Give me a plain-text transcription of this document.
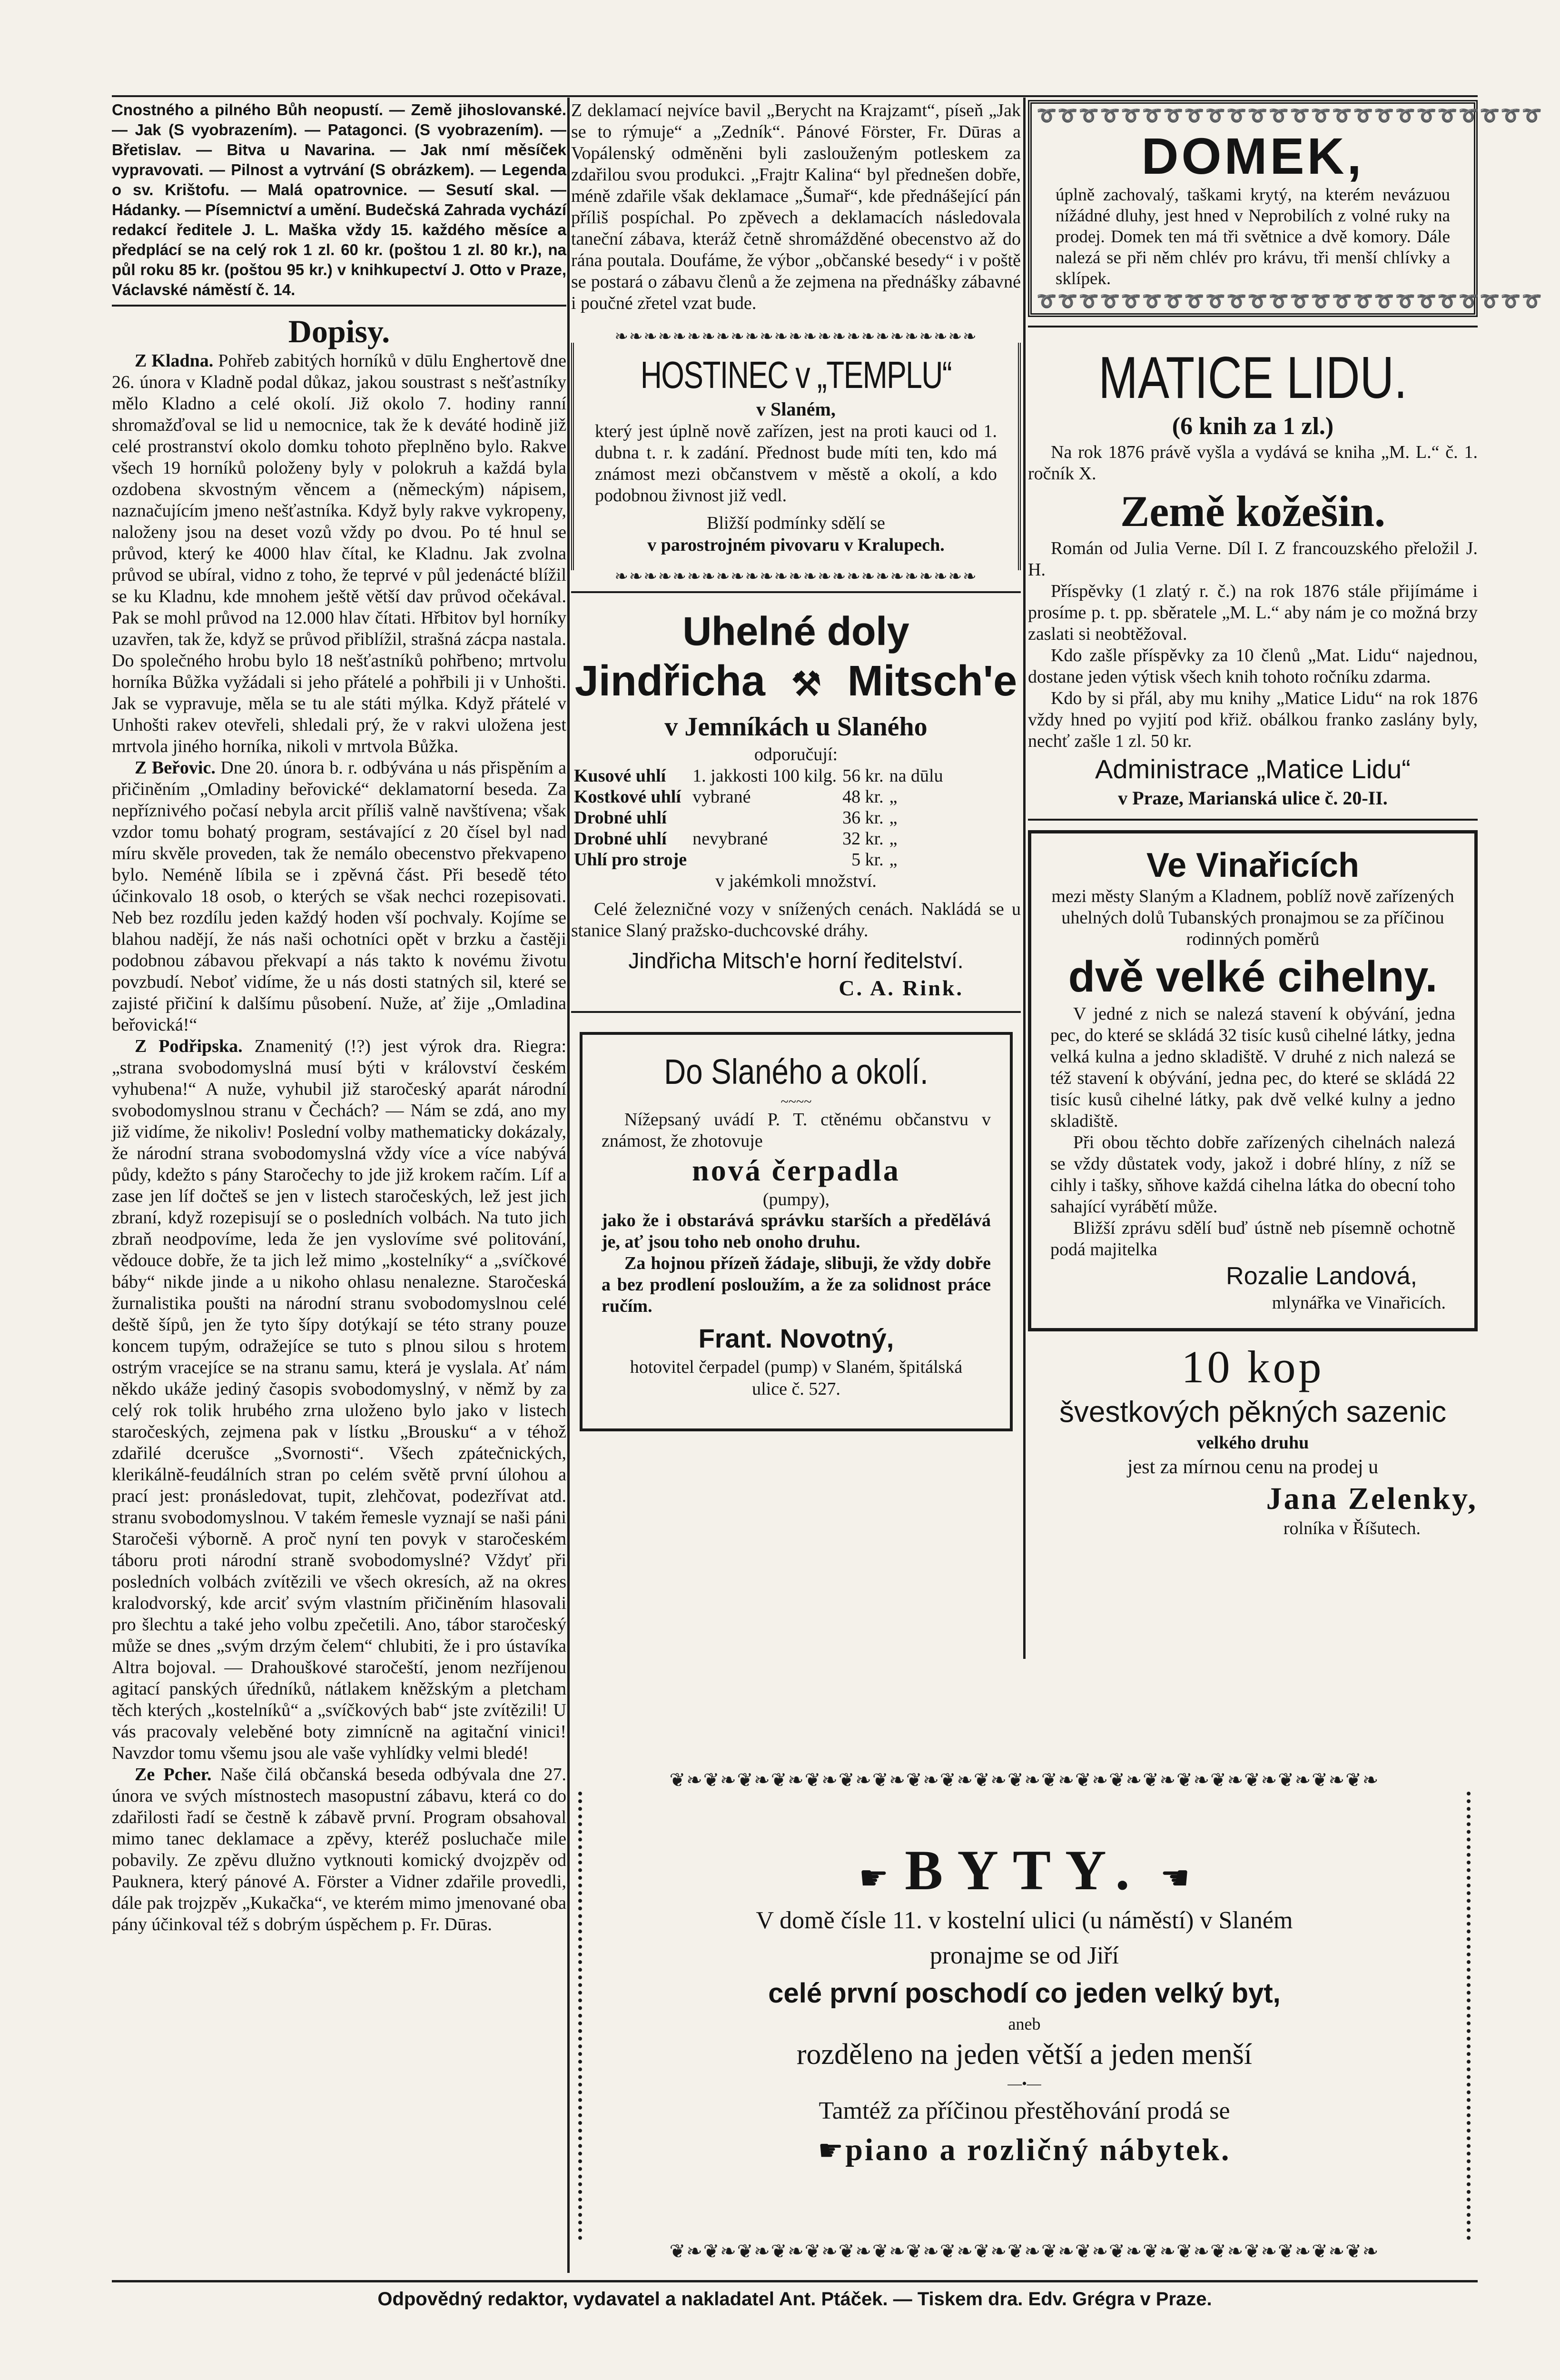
Cnostného a pilného Bůh neopustí. — Země jihoslovanské. — Jak (S vyobrazením). — Patagonci. (S vyobrazením). — Břetislav. — Bitva u Navarina. — Jak nmí měsíček vypravovati. — Pilnost a vytrvání (S obrázkem). — Legenda o sv. Krištofu. — Malá opatrovnice. — Sesutí skal. — Hádanky. — Písemnictví a umění. Budečská Zahrada vychází redakcí ředitele J. L. Maška vždy 15. každého měsíce a předplácí se na celý rok 1 zl. 60 kr. (poštou 1 zl. 80 kr.), na půl roku 85 kr. (poštou 95 kr.) v knihkupectví J. Otto v Praze, Václavské náměstí č. 14.

Dopisy.

Z Kladna. Pohřeb zabitých horníků v dūlu Enghertově dne 26. února v Kladně podal důkaz, jakou soustrast s nešťastníky mělo Kladno a celé okolí. Již okolo 7. hodiny ranní shromažďoval se lid u nemocnice, tak že k deváté hodině již celé prostranství okolo domku tohoto přeplněno bylo. Rakve všech 19 horníků položeny byly v polokruh a každá byla ozdobena skvostným věncem a (německým) nápisem, naznačujícím jmeno nešťastníka. Když byly rakve vykropeny, naloženy jsou na deset vozů vždy po dvou. Po té hnul se průvod, který ke 4000 hlav čítal, ke Kladnu. Jak zvolna průvod se ubíral, vidno z toho, že teprvé v půl jedenácté blížil se ku Kladnu, kde mnohem ještě větší dav průvod očekával. Pak se mohl průvod na 12.000 hlav čítati. Hřbitov byl horníky uzavřen, tak že, když se průvod přiblížil, strašná zácpa nastala. Do společného hrobu bylo 18 nešťastníků pohřbeno; mrtvolu horníka Bůžka vyžádali si jeho přátelé a pohřbili ji v Unhošti. Jak se vypravuje, měla se tu ale státi mýlka. Když přátelé v Unhošti rakev otevřeli, shledali prý, že v rakvi uložena jest mrtvola jiného horníka, nikoli v mrtvola Bůžka.

Z Beřovic. Dne 20. února b. r. odbývána u nás přispěním a přičiněním „Omladiny beřovické“ deklamatorní beseda. Za nepříznivého počasí nebyla arcit příliš valně navštívena; však vzdor tomu bohatý program, sestávající z 20 čísel byl nad míru skvěle proveden, tak že nemálo obecenstvo překvapeno bylo. Neméně líbila se i zpěvná část. Při besedě této účinkovalo 18 osob, o kterých se však nechci rozepisovati. Neb bez rozdílu jeden každý hoden vší pochvaly. Kojíme se blahou nadějí, že nás naši ochotníci opět v brzku a častěji podobnou zábavou překvapí a nás takto k novému životu povzbudí. Neboť vidíme, že u nás dosti statných sil, které se zajisté přičiní k dalšímu působení. Nuže, ať žije „Omladina beřovická!“

Z Podřipska. Znamenitý (!?) jest výrok dra. Riegra: „strana svobodomyslná musí býti v království českém vyhubena!“ A nuže, vyhubil již staročeský aparát národní svobodomyslnou stranu v Čechách? — Nám se zdá, ano my již vidíme, že nikoliv! Poslední volby mathematicky dokázaly, že národní strana svobodomyslná vždy více a více nabývá půdy, kdežto s pány Staročechy to jde již krokem račím. Líf a zase jen líf dočteš se jen v listech staročeských, lež jest jich zbraní, když rozepisují se o posledních volbách. Na tuto jich zbraň neodpovíme, leda že jen vyslovíme své politování, vědouce dobře, že ta jich lež mimo „kostelníky“ a „svíčkové báby“ nikde jinde a u nikoho ohlasu nenalezne. Staročeská žurnalistika poušti na národní stranu svobodomyslnou celé deště šípů, jen že tyto šípy dotýkají se této strany pouze koncem tupým, odražejíce se tuto s plnou silou s hrotem ostrým vracejíce se na stranu samu, která je vyslala. Ať nám někdo ukáže jediný časopis svobodomyslný, v němž by za celý rok tolik hrubého zrna uloženo bylo jako v listech staročeských, zejmena pak v lístku „Brousku“ a v téhož zdařilé dcerušce „Svornosti“. Všech zpátečnických, klerikálně-feudálních stran po celém světě první úlohou a prací jest: pronásledovat, tupit, zlehčovat, podezřívat atd. stranu svobodomyslnou. V takém řemesle vyznají se naši páni Staročeši výborně. A proč nyní ten povyk v staročeském táboru proti národní straně svobodomyslné? Vždyť při posledních volbách zvítězili ve všech okresích, až na okres kralodvorský, kde arciť svým vlastním přičiněním hlasovali pro šlechtu a také jeho volbu zpečetili. Ano, tábor staročeský může se dnes „svým drzým čelem“ chlubiti, že i pro ústavíka Altra bojoval. — Drahouškové staročeští, jenom nezříjenou agitací panských úředníků, nátlakem kněžským a pletcham těch kterých „kostelníků“ a „svíčkových bab“ jste zvítězili! U vás pracovaly veleběné boty zimnícně na agitační vinici! Navzdor tomu všemu jsou ale vaše vyhlídky velmi bledé!

Ze Pcher. Naše čilá občanská beseda odbývala dne 27. února ve svých místnostech masopustní zábavu, která co do zdařilosti řadí se čestně k zábavě první. Program obsahoval mimo tanec deklamace a zpěvy, kteréž posluchače mile pobavily. Ze zpěvu dlužno vytknouti komický dvojzpěv od Pauknera, který pánové A. Förster a Vidner zdařile provedli, dále pak trojzpěv „Kukačka“, ve kterém mimo jmenované oba pány účinkoval též s dobrým úspěchem p. Fr. Dūras.

Z deklamací nejvíce bavil „Berycht na Krajzamt“, píseň „Jak se to rýmuje“ a „Zedník“. Pánové Förster, Fr. Dūras a Vopálenský odměněni byli zaslouženým potleskem za zdařilou svou produkci. „Frajtr Kalina“ byl přednešen dobře, méně zdařile však deklamace „Šumař“, kde přednášející pán příliš pospíchal. Po zpěvech a deklamacích následovala taneční zábava, kteráž četně shromážděné obecenstvo až do rána poutala. Doufáme, že výbor „občanské besedy“ i v poště se postará o zábavu členů a že zejmena na přednášky zábavné i poučné zřetel vzat bude.

❧❧❧❧❧❧❧❧❧❧❧❧❧❧❧❧❧❧❧❧❧❧❧❧❧
❧❧❧❧❧❧❧❧❧❧❧❧❧❧❧❧❧❧❧❧❧❧❧❧❧
HOSTINEC v „TEMPLU“
v Slaném,

který jest úplně nově zařízen, jest na proti kauci od 1. dubna t. r. k zadání. Přednost bude míti ten, kdo má známost mezi občanstvem v městě a okolí, a kdo podobnou živnost již vedl.

Bližší podmínky sdělí se
v parostrojném pivovaru v Kralupech.
Uhelné doly
Jindřicha ⚒ Mitsch'e
v Jemníkách u Slaného
odporučují:
Kusové uhlí	1. jakkosti 100 kilg.	56 kr.	na dūlu
Kostkové uhlí	vybrané	48 kr.	„
Drobné uhlí		36 kr.	„
Drobné uhlí	nevybrané	32 kr.	„
Uhlí pro stroje		5 kr.	„
v jakémkoli množství.

Celé železničné vozy v snížených cenách. Nakládá se u stanice Slaný pražsko-duchcovské dráhy.

Jindřicha Mitsch'e horní ředitelství.
C. A. Rink.
Do Slaného a okolí.
~~~~

Nížepsaný uvádí P. T. ctěnému občanstvu v známost, že zhotovuje

nová čerpadla
(pumpy),

jako že i obstarává správku starších a předělává je, ať jsou toho neb onoho druhu.

Za hojnou přízeň žádaje, slibuji, že vždy dobře a bez prodlení posloužím, a že za solidnost práce ručím.

Frant. Novotný,
hotovitel čerpadel (pump) v Slaném, špitálská ulice č. 527.
➰➰➰➰➰➰➰➰➰➰➰➰➰➰➰➰➰➰➰➰➰➰➰➰
➰➰➰➰➰➰➰➰➰➰➰➰➰➰➰➰➰➰➰➰➰➰➰➰
DOMEK,

úplně zachovalý, taškami krytý, na kterém nevázuou nížádné dluhy, jest hned v Neprobilích z volné ruky na prodej. Domek ten má tři světnice a dvě komory. Dále nalezá se při něm chlév pro krávu, tři menší chlívky a sklípek.

MATICE LIDU.
(6 knih za 1 zl.)

Na rok 1876 právě vyšla a vydává se kniha „M. L.“ č. 1. ročník X.

Země kožešin.

Román od Julia Verne. Díl I. Z francouzského přeložil J. H.

Příspěvky (1 zlatý r. č.) na rok 1876 stále přijímáme i prosíme p. t. pp. sběratele „M. L.“ aby nám je co možná brzy zaslati si neobtěžoval.

Kdo zašle příspěvky za 10 členů „Mat. Lidu“ najednou, dostane jeden výtisk všech knih tohoto ročníku zdarma.

Kdo by si přál, aby mu knihy „Matice Lidu“ na rok 1876 vždy hned po vyjití pod křiž. obálkou franko zaslány byly, nechť zašle 1 zl. 50 kr.

Administrace „Matice Lidu“
v Praze, Marianská ulice č. 20-II.
Ve Vinařicích

mezi městy Slaným a Kladnem, poblíž nově zařízených uhelných dolů Tubanských pronajmou se za příčinou rodinných poměrů

dvě velké cihelny.

V jedné z nich se nalezá stavení k obývání, jedna pec, do které se skládá 32 tisíc kusů cihelné látky, jedna velká kulna a jedno skladiště. V druhé z nich nalezá se též stavení k obývání, jedna pec, do které se skládá 22 tisíc kusů cihelné látky, pak dvě velké kulny a jedno skladiště.

Při obou těchto dobře zařízených cihelnách nalezá se vždy důstatek vody, jakož i dobré hlíny, z níž se cihly i tašky, sňhove každá cihelna látka do obecní toho sahající vyrábětí může.

Bližší zprávu sdělí buď ústně neb písemně ochotně podá majitelka

Rozalie Landová,
mlynářka ve Vinařicích.
10 kop
švestkových pěkných sazenic
velkého druhu
jest za mírnou cenu na prodej u
Jana Zelenky,
rolníka v Říšutech.
❦❧❦❧❦❧❦❧❦❧❦❧❦❧❦❧❦❧❦❧❦❧❦❧❦❧❦❧❦❧❦❧❦❧❦❧❦❧❦❧❦❧
❦❧❦❧❦❧❦❧❦❧❦❧❦❧❦❧❦❧❦❧❦❧❦❧❦❧❦❧❦❧❦❧❦❧❦❧❦❧❦❧❦❧
☛ BYTY. ☚
V domě čísle 11. v kostelní ulici (u náměstí) v Slaném
pronajme se od Jiří
celé první poschodí co jeden velký byt,
aneb
rozděleno na jeden větší a jeden menší
—•—
Tamtéž za příčinou přestěhování prodá se
☛ piano a rozličný nábytek.
Odpovědný redaktor, vydavatel a nakladatel Ant. Ptáček. — Tiskem dra. Edv. Grégra v Praze.
